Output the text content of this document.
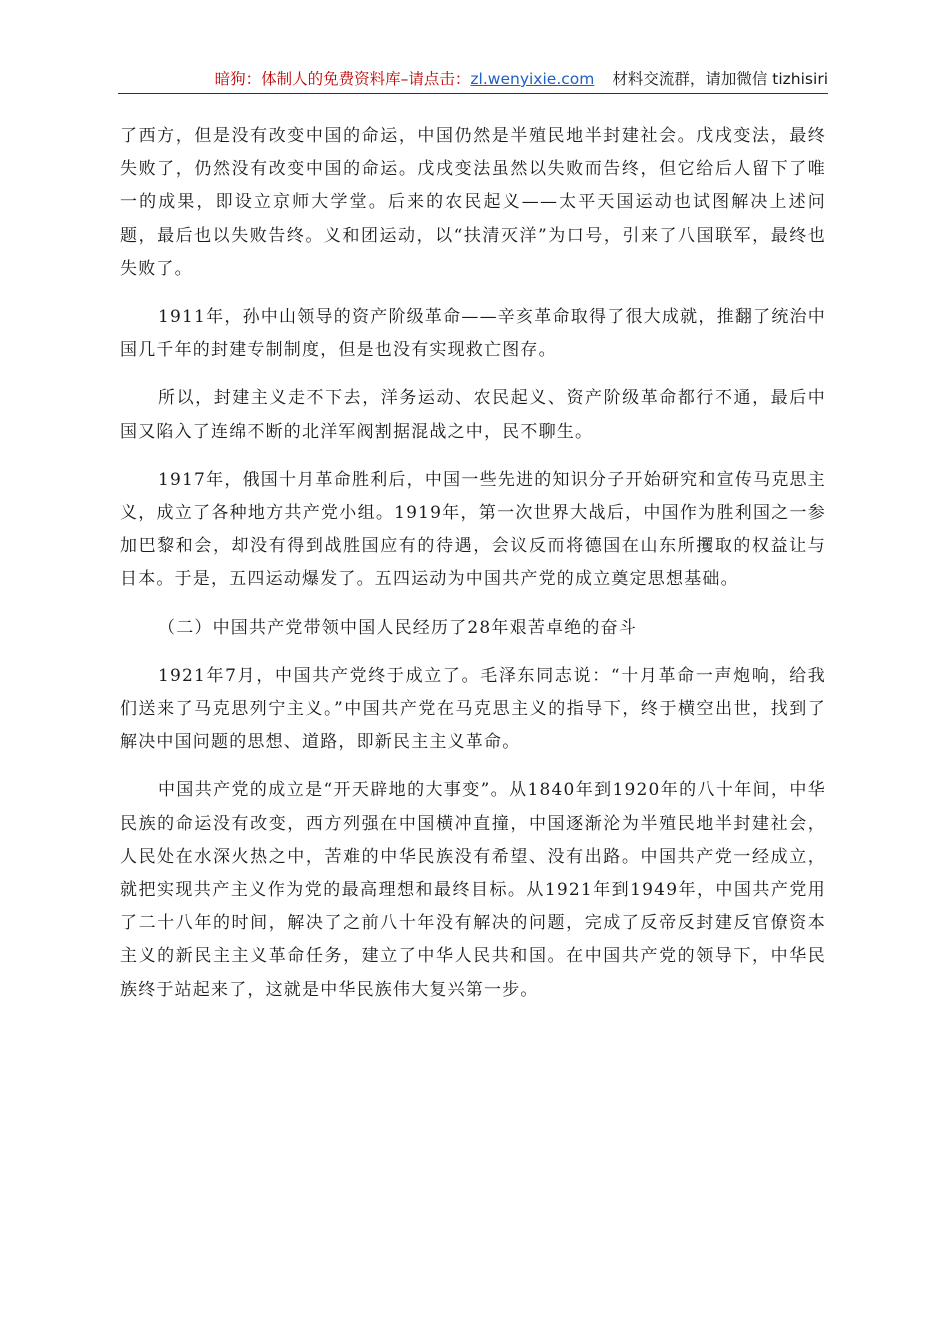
暗狗：体制人的免费资料库–请点击：zl.wenyixie.com 材料交流群，请加微信 tizhisiri

了西方，但是没有改变中国的命运，中国仍然是半殖民地半封建社会。戊戌变法，最终失败了，仍然没有改变中国的命运。戊戌变法虽然以失败而告终，但它给后人留下了唯一的成果，即设立京师大学堂。后来的农民起义——太平天国运动也试图解决上述问题，最后也以失败告终。义和团运动，以“扶清灭洋”为口号，引来了八国联军，最终也失败了。

1911年，孙中山领导的资产阶级革命——辛亥革命取得了很大成就，推翻了统治中国几千年的封建专制制度，但是也没有实现救亡图存。

所以，封建主义走不下去，洋务运动、农民起义、资产阶级革命都行不通，最后中国又陷入了连绵不断的北洋军阀割据混战之中，民不聊生。

1917年，俄国十月革命胜利后，中国一些先进的知识分子开始研究和宣传马克思主义，成立了各种地方共产党小组。1919年，第一次世界大战后，中国作为胜利国之一参加巴黎和会，却没有得到战胜国应有的待遇，会议反而将德国在山东所攫取的权益让与日本。于是，五四运动爆发了。五四运动为中国共产党的成立奠定思想基础。

（二）中国共产党带领中国人民经历了28年艰苦卓绝的奋斗

1921年7月，中国共产党终于成立了。毛泽东同志说：“十月革命一声炮响，给我们送来了马克思列宁主义。”中国共产党在马克思主义的指导下，终于横空出世，找到了解决中国问题的思想、道路，即新民主主义革命。

中国共产党的成立是“开天辟地的大事变”。从1840年到1920年的八十年间，中华民族的命运没有改变，西方列强在中国横冲直撞，中国逐渐沦为半殖民地半封建社会，人民处在水深火热之中，苦难的中华民族没有希望、没有出路。中国共产党一经成立，就把实现共产主义作为党的最高理想和最终目标。从1921年到1949年，中国共产党用了二十八年的时间，解决了之前八十年没有解决的问题，完成了反帝反封建反官僚资本主义的新民主主义革命任务，建立了中华人民共和国。在中国共产党的领导下，中华民族终于站起来了，这就是中华民族伟大复兴第一步。
